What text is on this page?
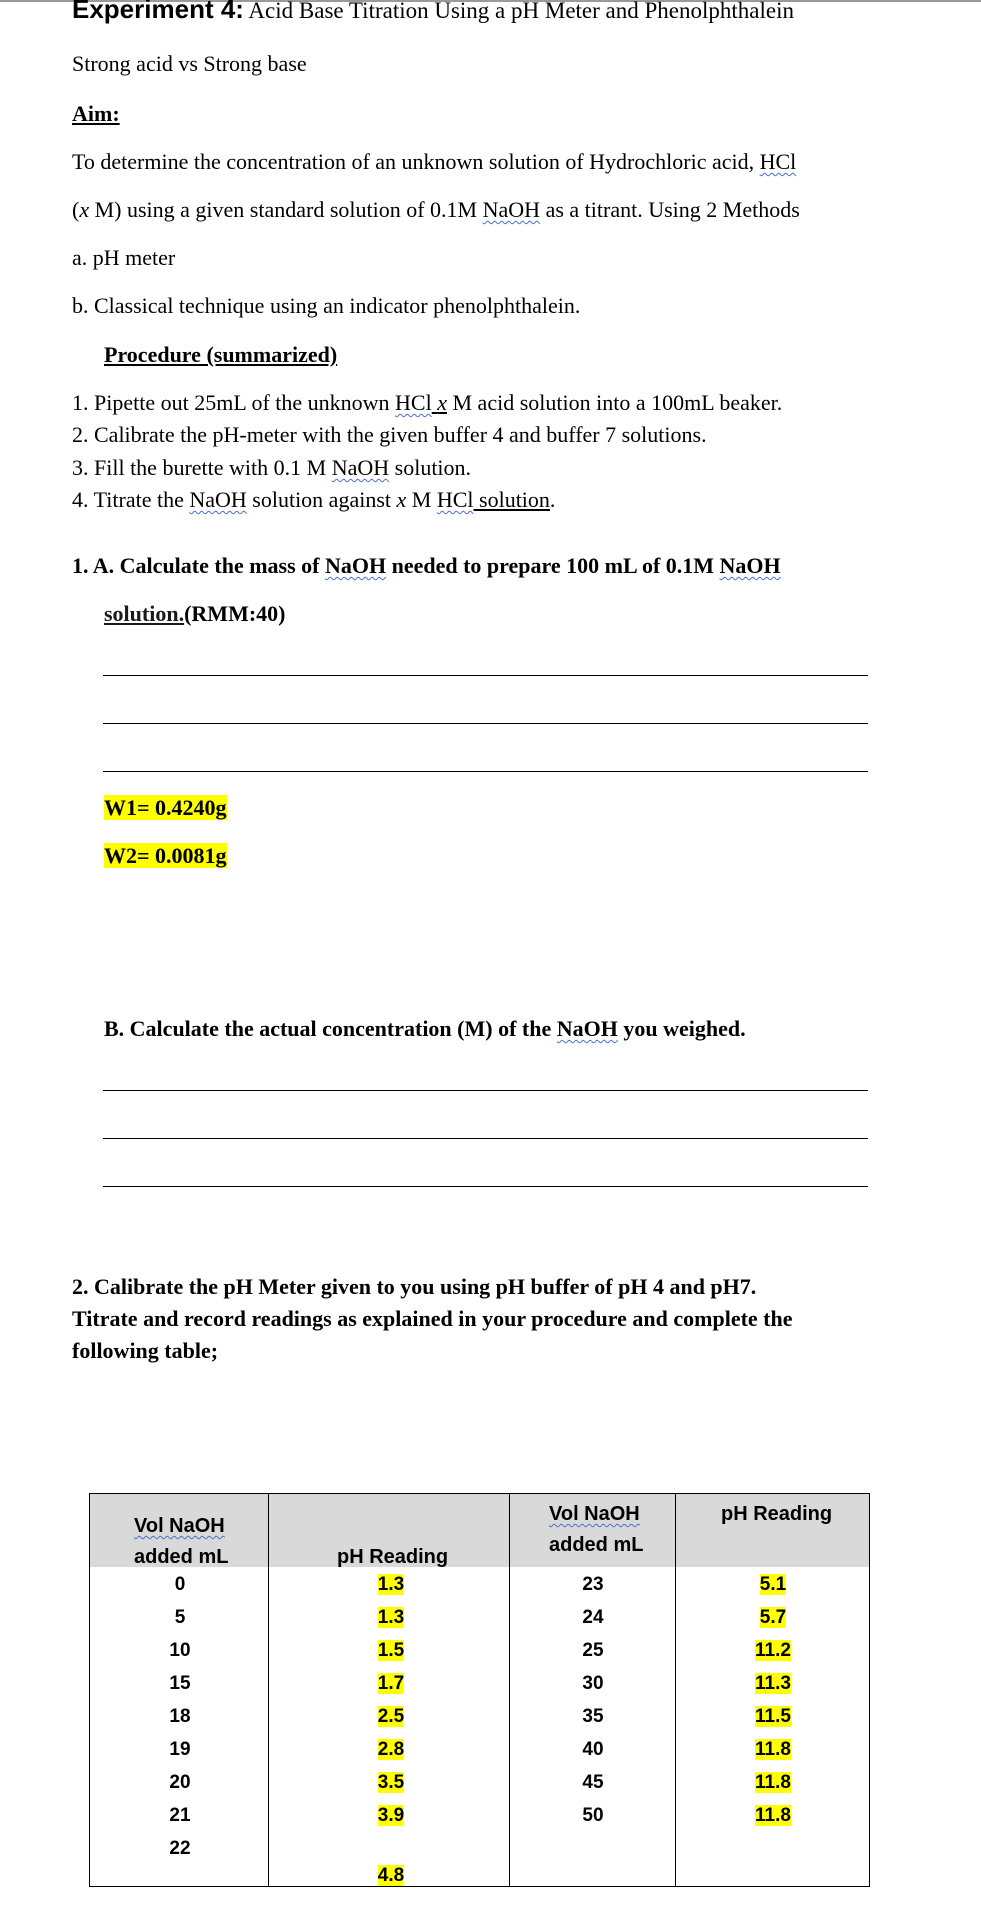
Experiment 4: Acid Base Titration Using a pH Meter and Phenolphthalein
Strong acid vs Strong base
Aim:
To determine the concentration of an unknown solution of Hydrochloric acid, HCl
(x M) using a given standard solution of 0.1M NaOH as a titrant. Using 2 Methods
a. pH meter
b. Classical technique using an indicator phenolphthalein.
Procedure (summarized)
1. Pipette out 25mL of the unknown HCl x M acid solution into a 100mL beaker.
2. Calibrate the pH-meter with the given buffer 4 and buffer 7 solutions.
3. Fill the burette with 0.1 M NaOH solution.
4. Titrate the NaOH solution against x M HCl solution.
1. A. Calculate the mass of NaOH needed to prepare 100 mL of 0.1M NaOH
solution.(RMM:40)
W1= 0.4240g
W2= 0.0081g
B. Calculate the actual concentration (M) of the NaOH you weighed.
2. Calibrate the pH Meter given to you using pH buffer of pH 4 and pH7.
Titrate and record readings as explained in your procedure and complete the
following table;
Vol NaOH
added mL	pH Reading
Vol NaOH
added mL
pH Reading
0
5
10
15
18
19
20
21
22
1.3
1.3
1.5
1.7
2.5
2.8
3.5
3.9
4.8
23
24
25
30
35
40
45
50
5.1
5.7
11.2
11.3
11.5
11.8
11.8
11.8
